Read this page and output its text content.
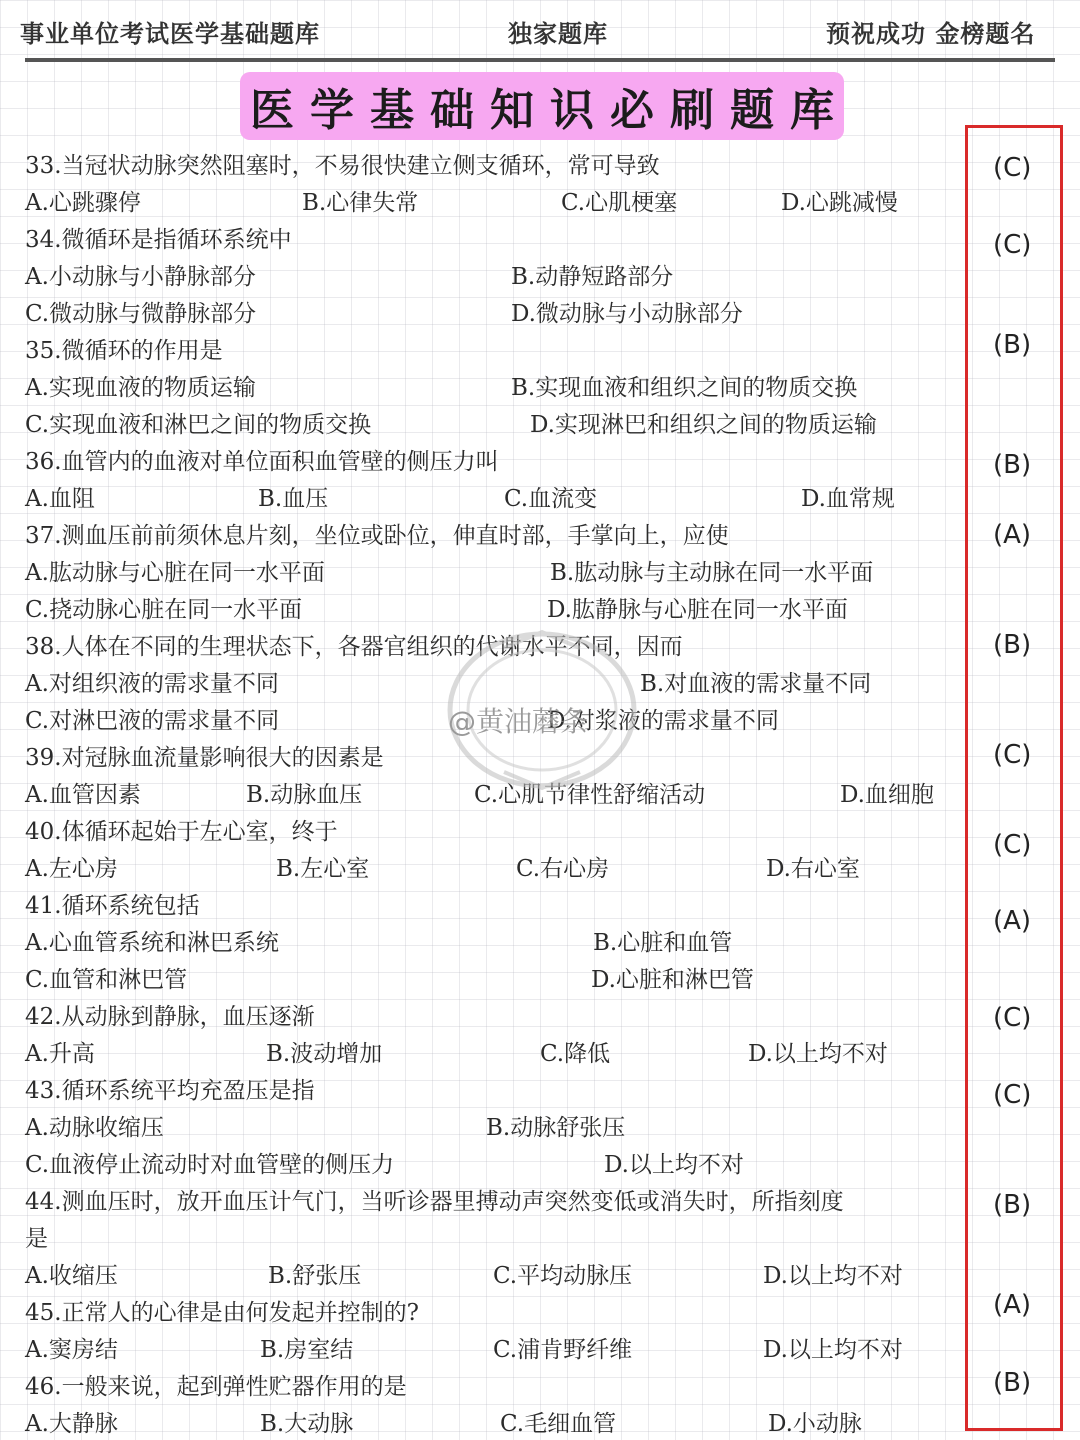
事业单位考试医学基础题库	独家题库	预祝成功 金榜题名
医学基础知识必刷题库
33.当冠状动脉突然阻塞时，不易很快建立侧支循环，常可导致
A.心跳骤停	B.心律失常	C.心肌梗塞	D.心跳减慢
(C)
34.微循环是指循环系统中
A.小动脉与小静脉部分	B.动静短路部分
C.微动脉与微静脉部分	D.微动脉与小动脉部分
(C)
35.微循环的作用是
A.实现血液的物质运输	B.实现血液和组织之间的物质交换
C.实现血液和淋巴之间的物质交换	D.实现淋巴和组织之间的物质运输
(B)
36.血管内的血液对单位面积血管壁的侧压力叫
A.血阻	B.血压	C.血流变	D.血常规
(B)
37.测血压前前须休息片刻，坐位或卧位，伸直时部，手掌向上，应使
A.肱动脉与心脏在同一水平面	B.肱动脉与主动脉在同一水平面
C.挠动脉心脏在同一水平面	D.肱静脉与心脏在同一水平面
(A)
38.人体在不同的生理状态下，各器官组织的代谢水平不同，因而
A.对组织液的需求量不同	B.对血液的需求量不同
C.对淋巴液的需求量不同	D.对浆液的需求量不同
(B)
39.对冠脉血流量影响很大的因素是
A.血管因素	B.动脉血压	C.心肌节律性舒缩活动	D.血细胞
(C)
40.体循环起始于左心室，终于
A.左心房	B.左心室	C.右心房	D.右心室
(C)
41.循环系统包括
A.心血管系统和淋巴系统	B.心脏和血管
C.血管和淋巴管	D.心脏和淋巴管
(A)
42.从动脉到静脉，血压逐渐
A.升高	B.波动增加	C.降低	D.以上均不对
(C)
43.循环系统平均充盈压是指
A.动脉收缩压	B.动脉舒张压
C.血液停止流动时对血管壁的侧压力	D.以上均不对
(C)
44.测血压时，放开血压计气门，当听诊器里搏动声突然变低或消失时，所指刻度
是
A.收缩压	B.舒张压	C.平均动脉压	D.以上均不对
(B)
45.正常人的心律是由何发起并控制的?
A.窦房结	B.房室结	C.浦肯野纤维	D.以上均不对
(A)
46.一般来说，起到弹性贮器作用的是
A.大静脉	B.大动脉	C.毛细血管	D.小动脉
(B)
@黄油蘑条
